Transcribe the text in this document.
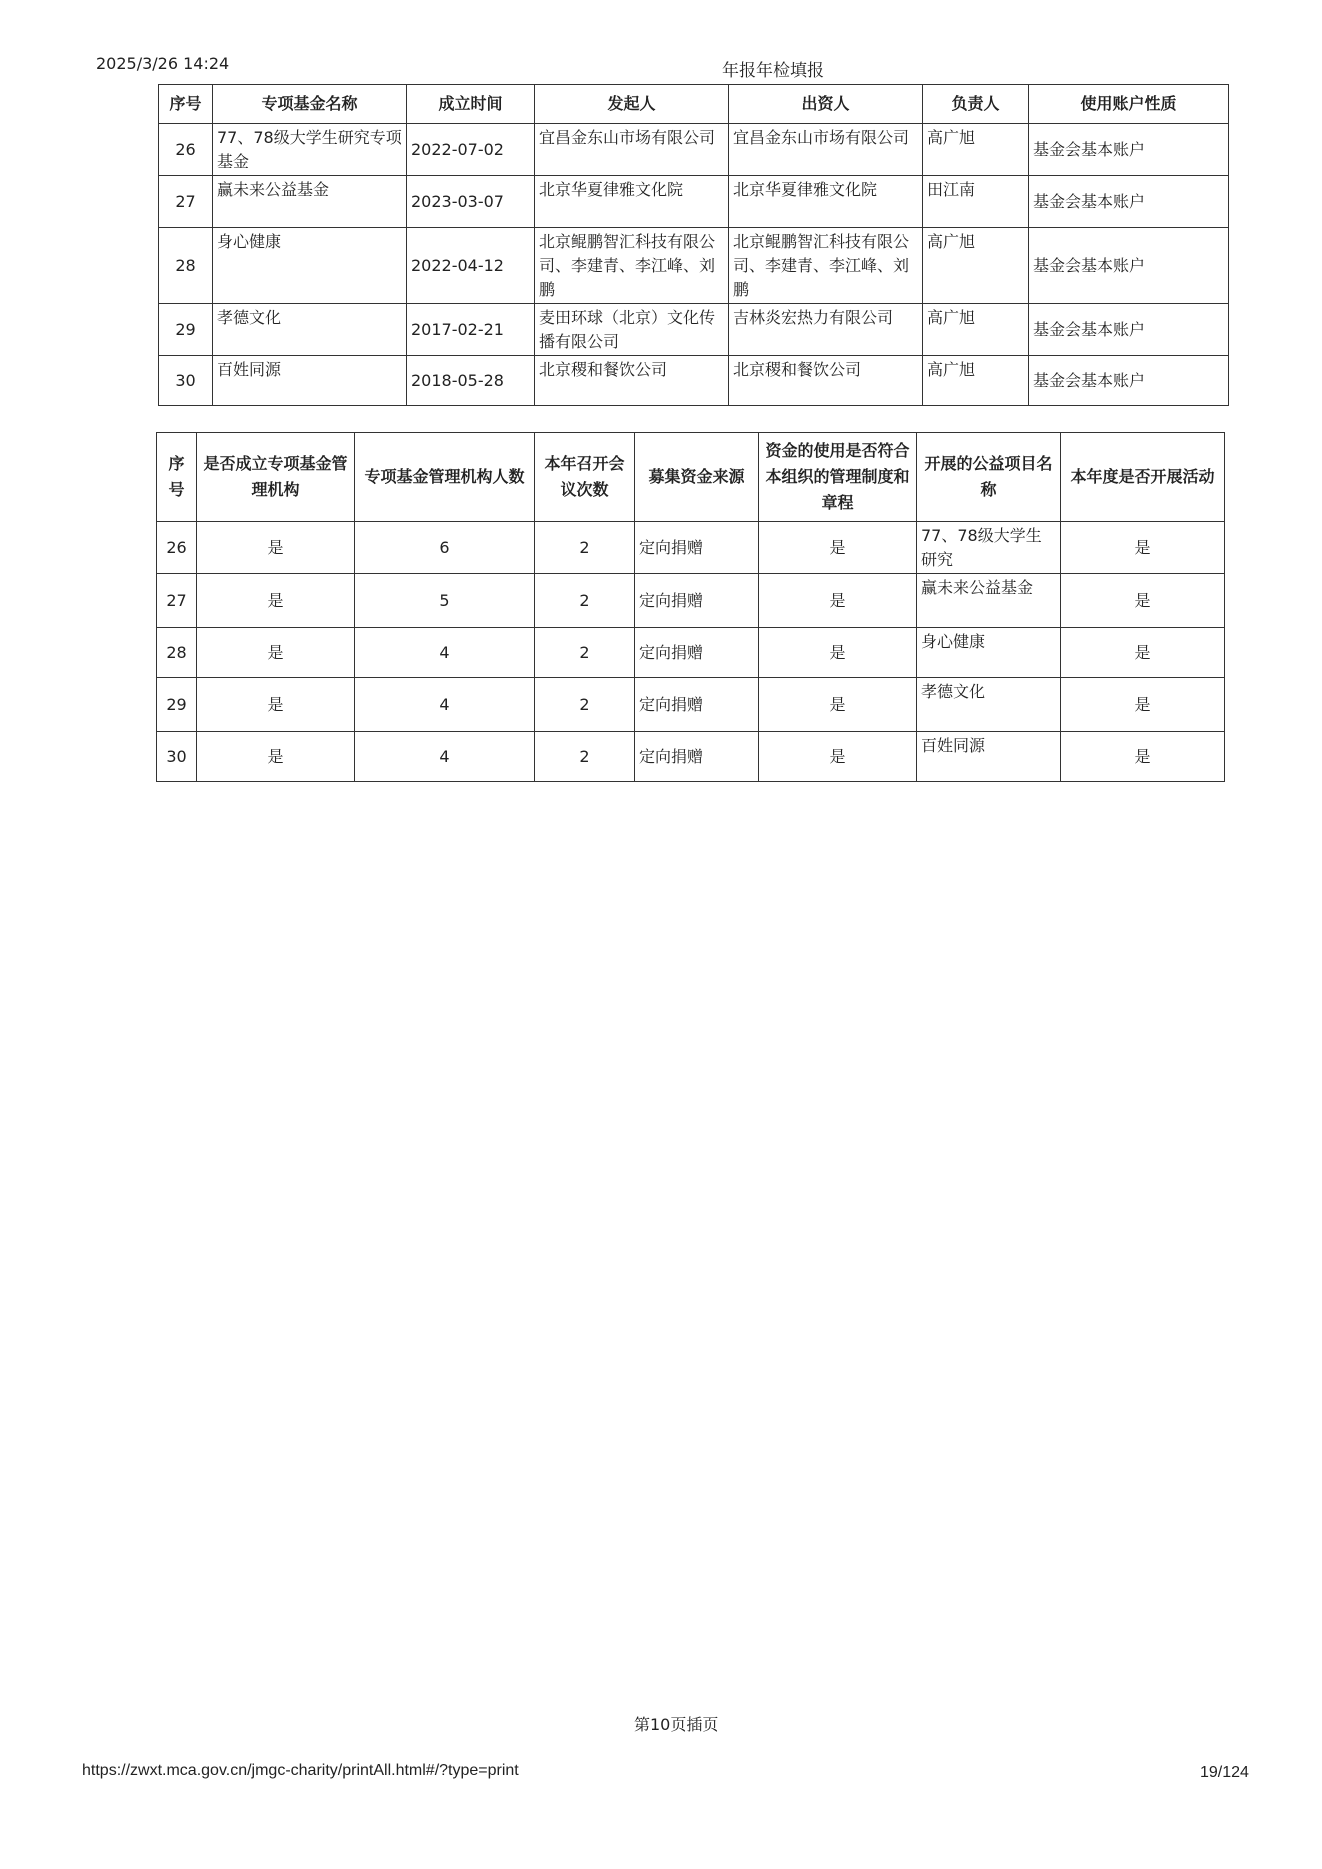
2025/3/26 14:24	年报年检填报
序号	专项基金名称	成立时间	发起人	出资人	负责人	使用账户性质
26	77、78级大学生研究专项基金	2022-07-02	宜昌金东山市场有限公司	宜昌金东山市场有限公司	高广旭	基金会基本账户
27	赢未来公益基金	2023-03-07	北京华夏律雅文化院	北京华夏律雅文化院	田江南	基金会基本账户
28	身心健康	2022-04-12	北京鲲鹏智汇科技有限公司、李建青、李江峰、刘鹏	北京鲲鹏智汇科技有限公司、李建青、李江峰、刘鹏	高广旭	基金会基本账户
29	孝德文化	2017-02-21	麦田环球（北京）文化传播有限公司	吉林炎宏热力有限公司	高广旭	基金会基本账户
30	百姓同源	2018-05-28	北京稷和餐饮公司	北京稷和餐饮公司	高广旭	基金会基本账户
序号	是否成立专项基金管理机构	专项基金管理机构人数	本年召开会议次数	募集资金来源	资金的使用是否符合本组织的管理制度和章程	开展的公益项目名称	本年度是否开展活动
26	是	6	2	定向捐赠	是	77、78级大学生研究	是
27	是	5	2	定向捐赠	是	赢未来公益基金	是
28	是	4	2	定向捐赠	是	身心健康	是
29	是	4	2	定向捐赠	是	孝德文化	是
30	是	4	2	定向捐赠	是	百姓同源	是
第10页插页
https://zwxt.mca.gov.cn/jmgc-charity/printAll.html#/?type=print	19/124
